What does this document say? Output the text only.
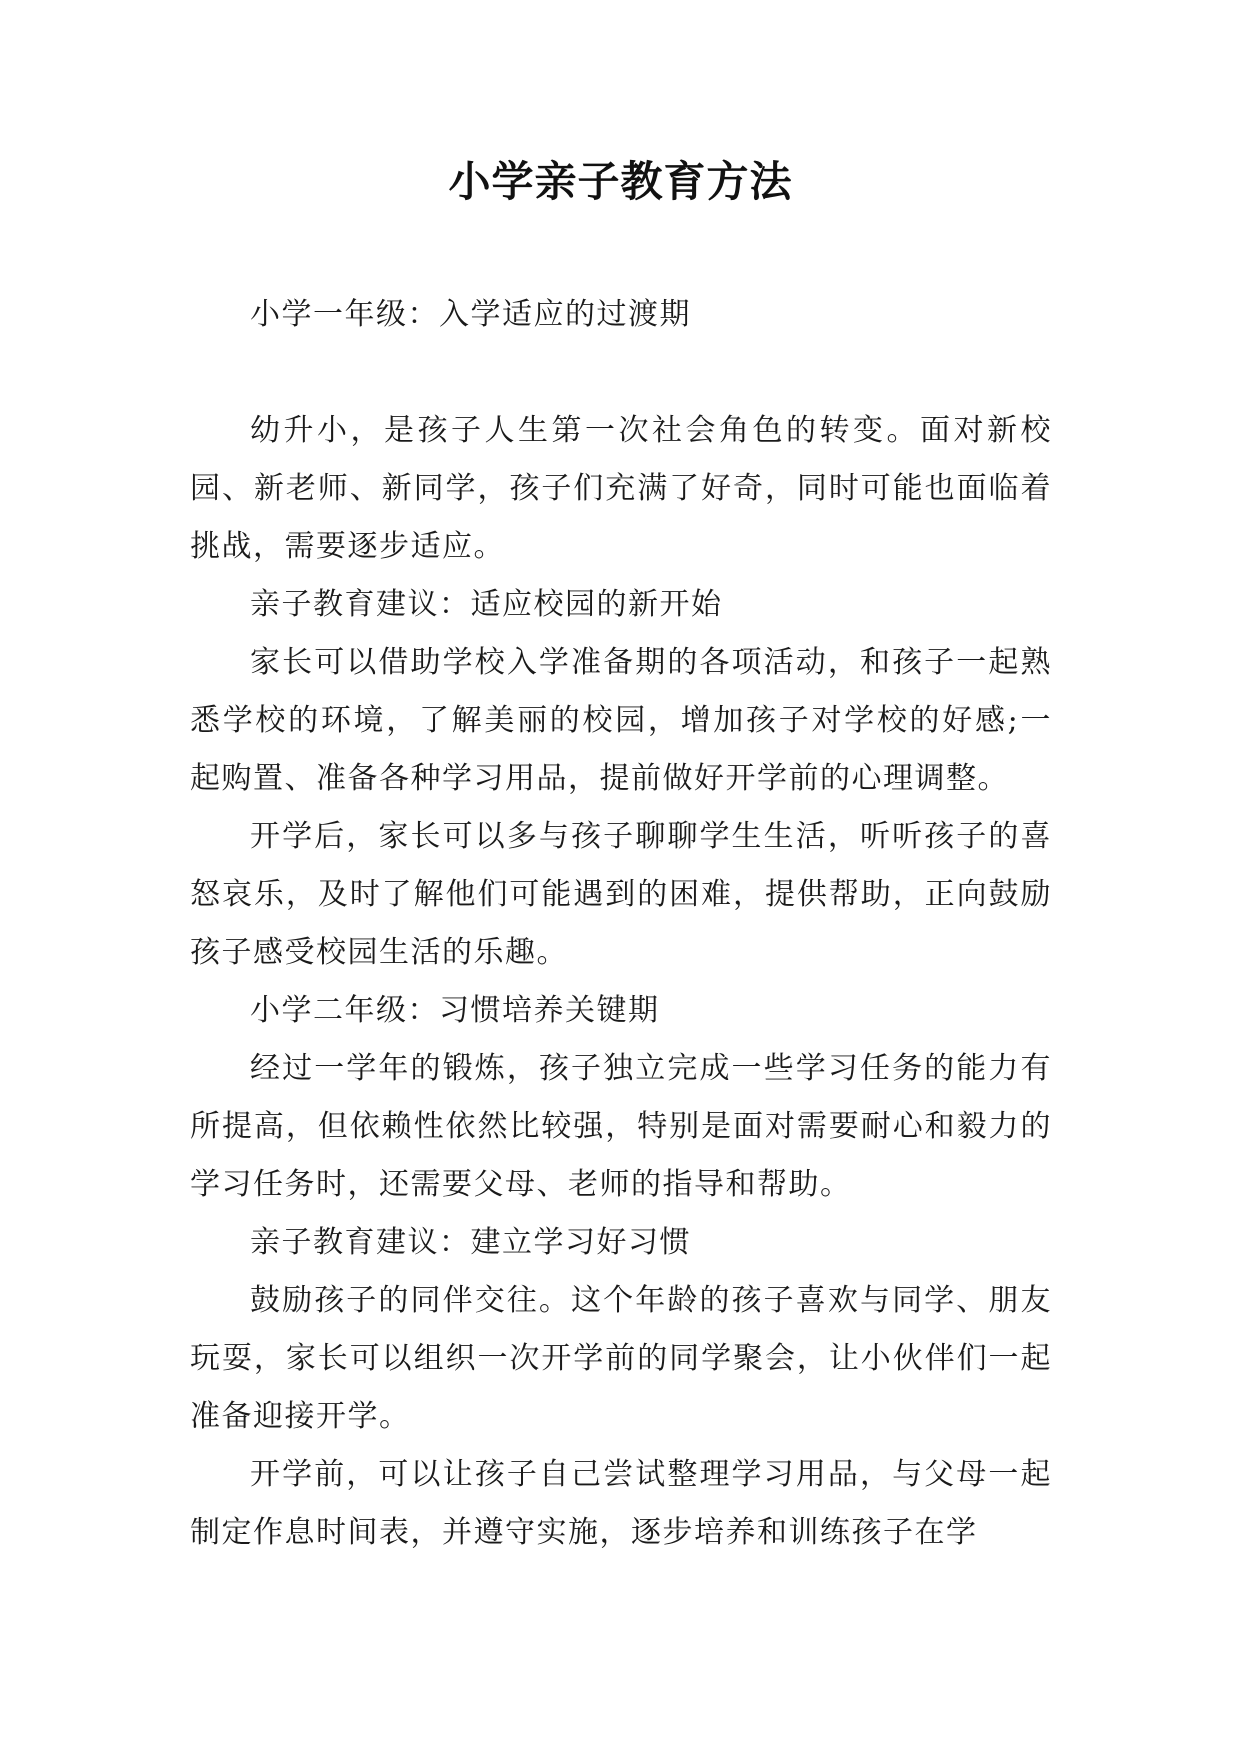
小学亲子教育方法

小学一年级：入学适应的过渡期

幼升小，是孩子人生第一次社会角色的转变。面对新校园、新老师、新同学，孩子们充满了好奇，同时可能也面临着挑战，需要逐步适应。

亲子教育建议：适应校园的新开始

家长可以借助学校入学准备期的各项活动，和孩子一起熟悉学校的环境，了解美丽的校园，增加孩子对学校的好感;一起购置、准备各种学习用品，提前做好开学前的心理调整。

开学后，家长可以多与孩子聊聊学生生活，听听孩子的喜怒哀乐，及时了解他们可能遇到的困难，提供帮助，正向鼓励孩子感受校园生活的乐趣。

小学二年级：习惯培养关键期

经过一学年的锻炼，孩子独立完成一些学习任务的能力有所提高，但依赖性依然比较强，特别是面对需要耐心和毅力的学习任务时，还需要父母、老师的指导和帮助。

亲子教育建议：建立学习好习惯

鼓励孩子的同伴交往。这个年龄的孩子喜欢与同学、朋友玩耍，家长可以组织一次开学前的同学聚会，让小伙伴们一起准备迎接开学。

开学前，可以让孩子自己尝试整理学习用品，与父母一起制定作息时间表，并遵守实施，逐步培养和训练孩子在学
